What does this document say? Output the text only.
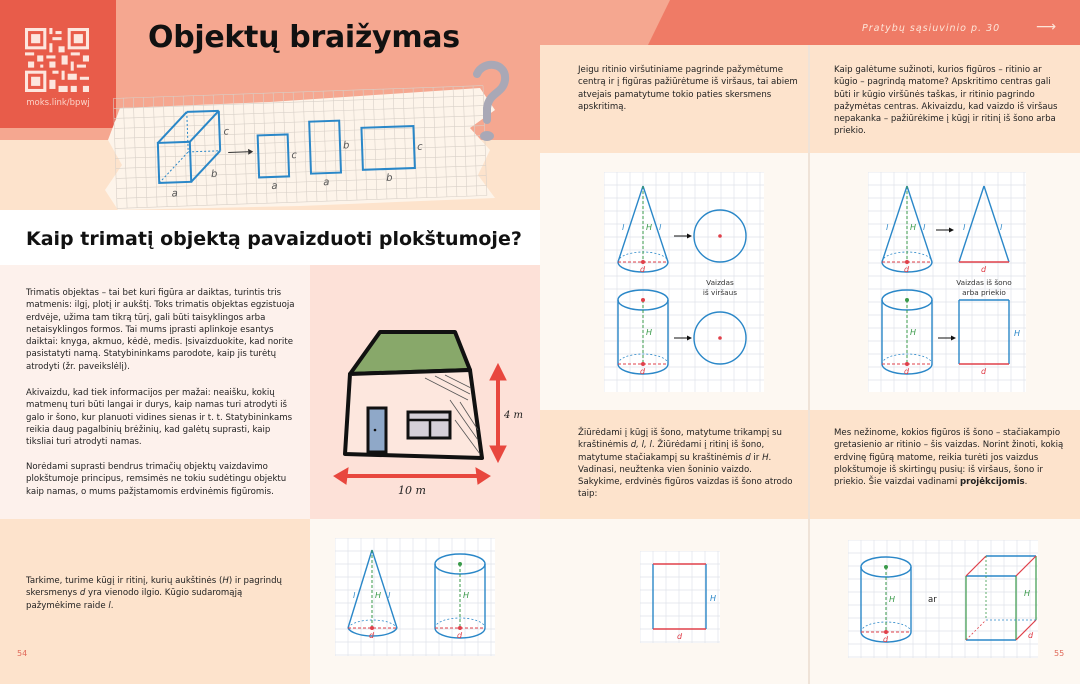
moks.link/bpwj
Objektų braižymas
a
b
c
a
c
a
b
b
c
Kaip trimatį objektą pavaizduoti plokštumoje?

Trimatis objektas – tai bet kuri figūra ar daiktas, turintis tris matmenis: ilgį, plotį ir aukštį. Toks trimatis objektas egzistuoja erdvėje, užima tam tikrą tūrį, gali būti taisyklingos arba netaisyklingos formos. Tai mums įprasti aplinkoje esantys daiktai: knyga, akmuo, kėdė, medis. Įsivaizduokite, kad norite pasistatyti namą. Statybininkams parodote, kaip jis turėtų atrodyti (žr. paveikslėlį).

Akivaizdu, kad tiek informacijos per mažai: neaišku, kokių matmenų turi būti langai ir durys, kaip namas turi atrodyti iš galo ir šono, kur planuoti vidines sienas ir t. t. Statybininkams reikia daug pagalbinių brėžinių, kad galėtų suprasti, kaip tiksliai turi atrodyti namas.

Norėdami suprasti bendrus trimačių objektų vaizdavimo plokštumoje principus, remsimės ne tokiu sudėtingu objektu kaip namas, o mums pažįstamomis erdvinėmis figūromis.	10 m
4 m

Tarkime, turime kūgį ir ritinį, kurių aukštinės (H) ir pagrindų skersmenys d yra vienodo ilgio. Kūgio sudaromąją pažymėkime raide l.

54
l	l
H	H
d	d
Pratybų sąsiuvinio p. 30	⟶

Jeigu ritinio viršutiniame pagrinde pažymėtume centrą ir į figūras pažiūrėtume iš viršaus, tai abiem atvejais pamatytume tokio paties skersmens apskritimą.

Kaip galėtume sužinoti, kurios figūros – ritinio ar kūgio – pagrindą matome? Apskritimo centras gali būti ir kūgio viršūnės taškas, ir ritinio pagrindo pažymėtas centras. Akivaizdu, kad vaizdo iš viršaus nepakanka – pažiūrėkime į kūgį ir ritinį iš šono arba priekio.

l	l
H
H
d
d
Vaizdas
iš viršaus
l	l
H
H
d
d
l	l
d
d
H
Vaizdas iš šono
arba priekio

Žiūrėdami į kūgį iš šono, matytume trikampį su kraštinėmis d, l, l. Žiūrėdami į ritinį iš šono, matytume stačiakampį su kraštinėmis d ir H. Vadinasi, neužtenka vien šoninio vaizdo. Sakykime, erdvinės figūros vaizdas iš šono atrodo taip:

Mes nežinome, kokios figūros iš šono – stačiakampio gretasienio ar ritinio – šis vaizdas. Norint žinoti, kokią erdvinę figūrą matome, reikia turėti jos vaizdus plokštumoje iš skirtingų pusių: iš viršaus, šono ir priekio. Šie vaizdai vadinami projėkcijomis.

H
d
H
d
H
d
ar
55
